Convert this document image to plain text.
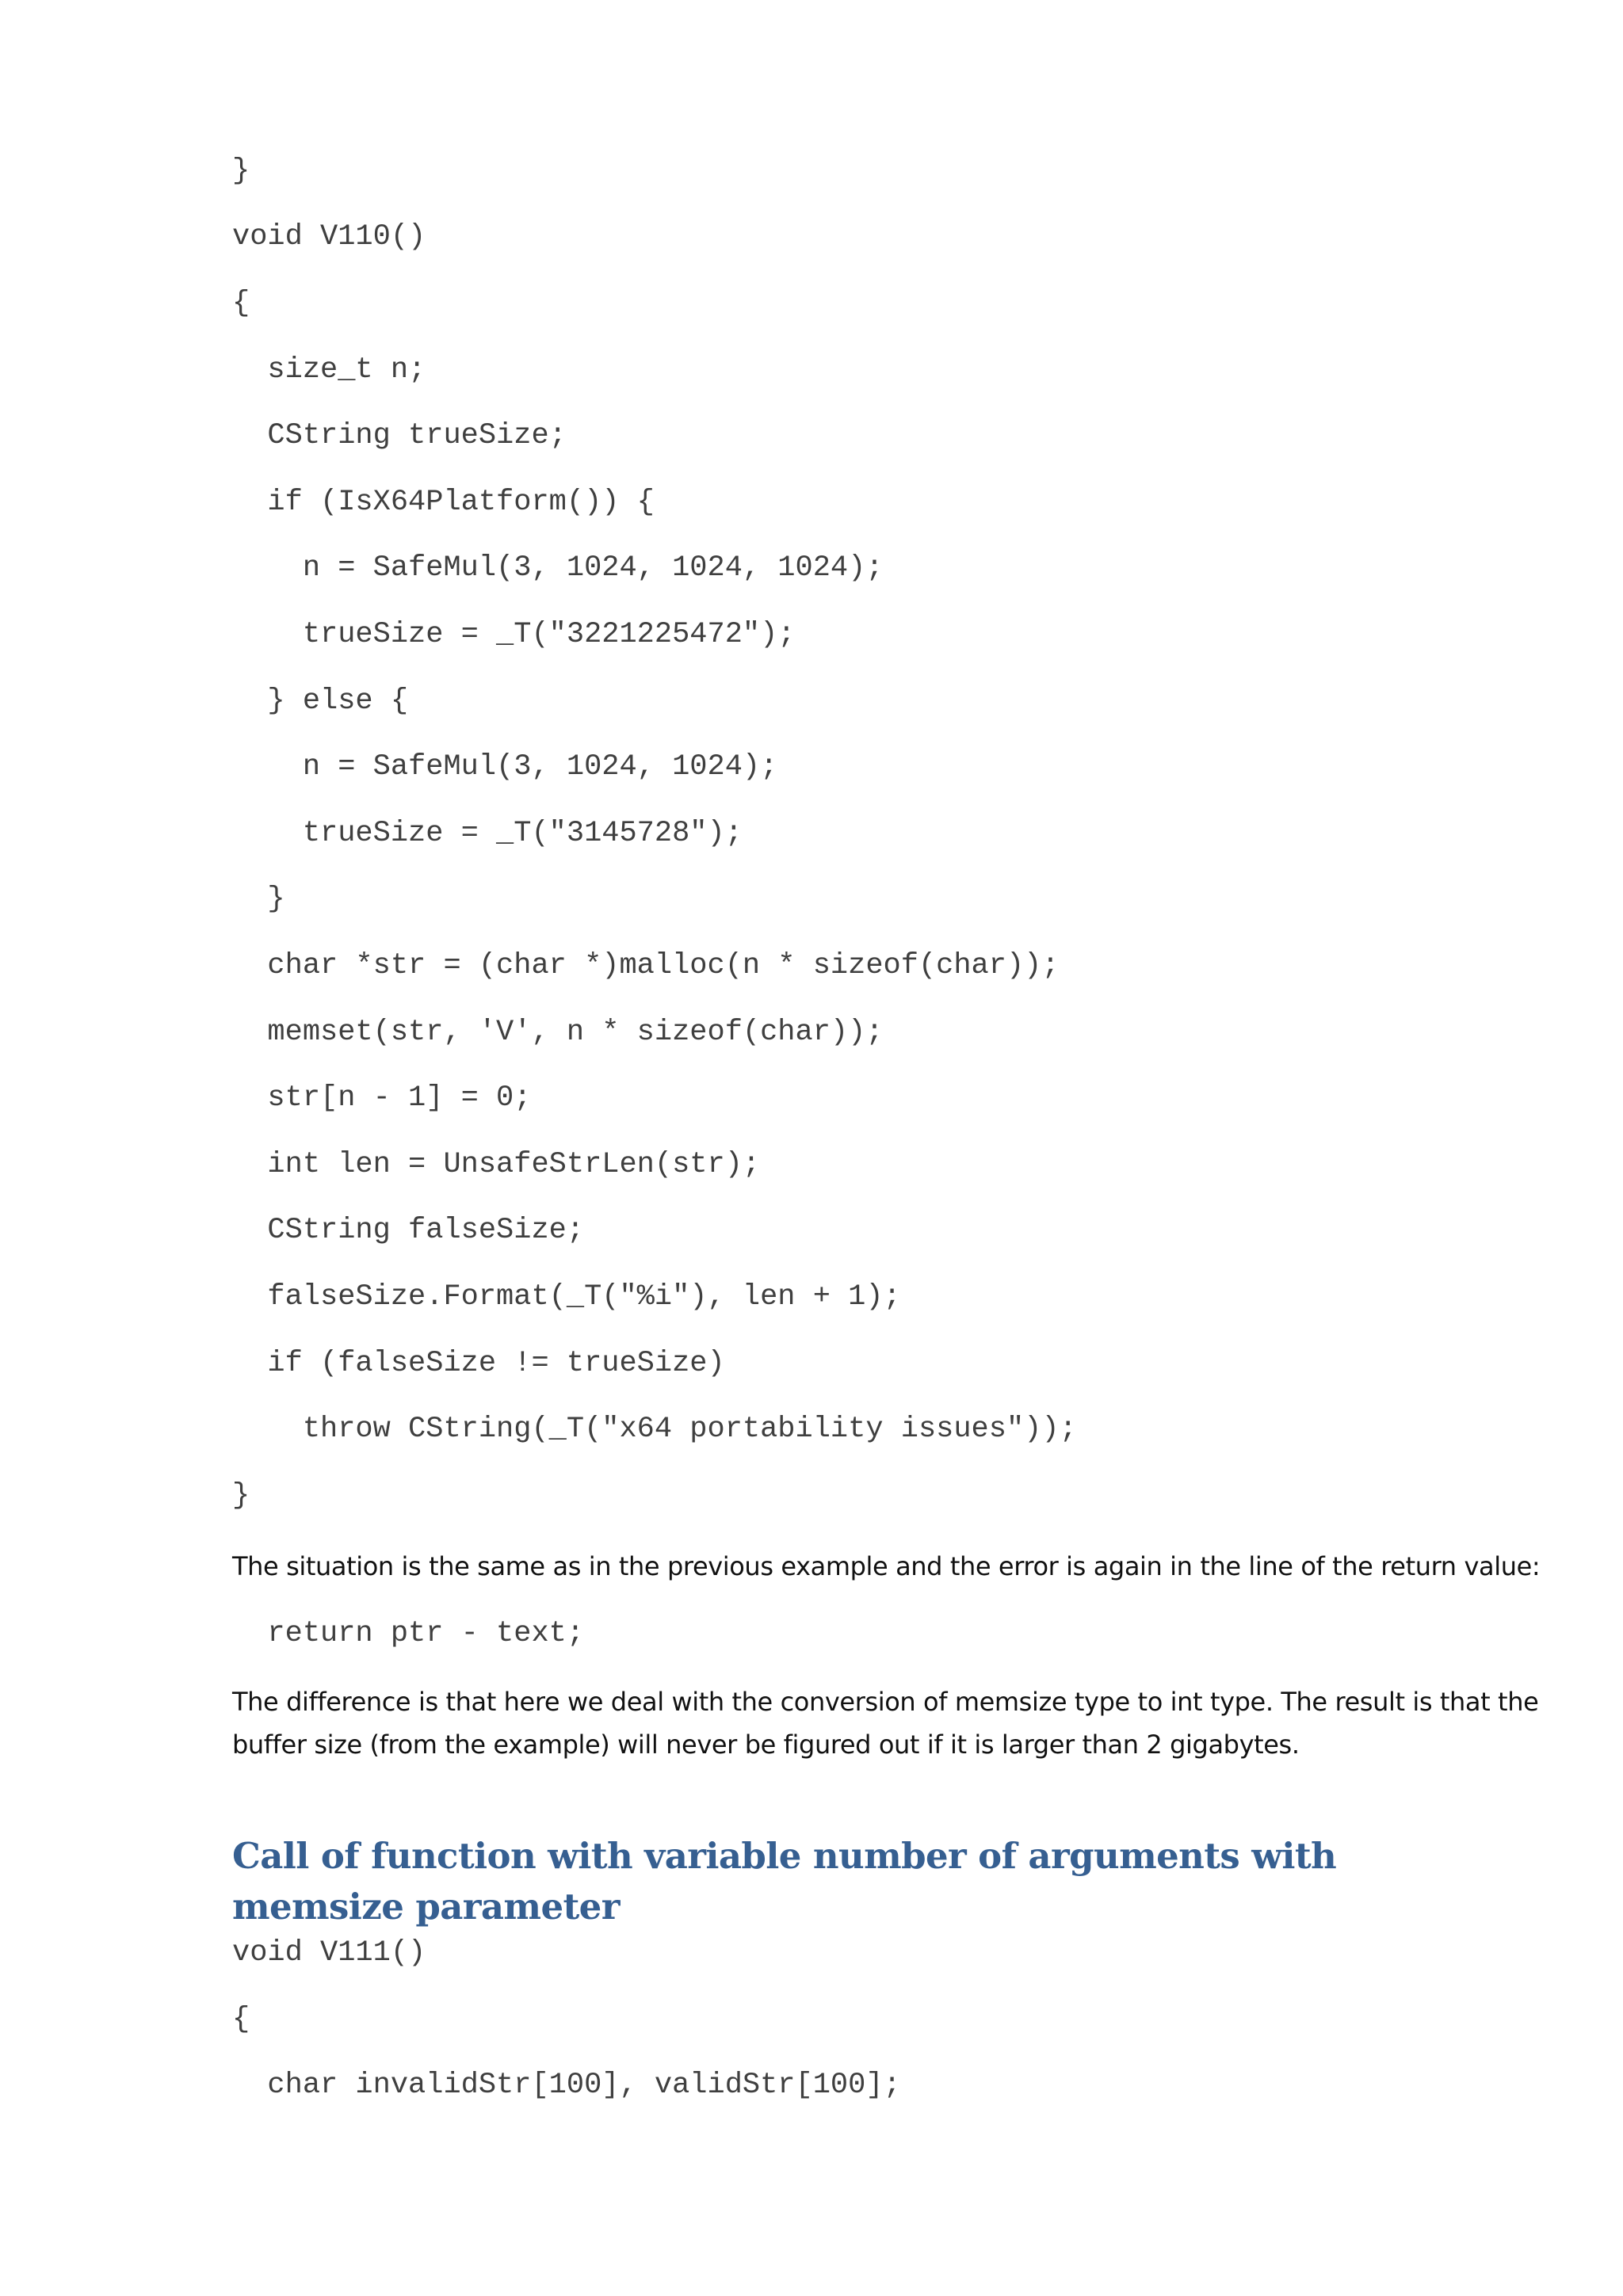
}
void V110()
{
size_t n;
CString trueSize;
if (IsX64Platform()) {
n = SafeMul(3, 1024, 1024, 1024);
trueSize = _T("3221225472");
} else {
n = SafeMul(3, 1024, 1024);
trueSize = _T("3145728");
}
char *str = (char *)malloc(n * sizeof(char));
memset(str, 'V', n * sizeof(char));
str[n - 1] = 0;
int len = UnsafeStrLen(str);
CString falseSize;
falseSize.Format(_T("%i"), len + 1);
if (falseSize != trueSize)
throw CString(_T("x64 portability issues"));
}

The situation is the same as in the previous example and the error is again in the line of the return value:

return ptr - text;

The difference is that here we deal with the conversion of memsize type to int type. The result is that the buffer size (from the example) will never be figured out if it is larger than 2 gigabytes.

Call of function with variable number of arguments with memsize parameter
void V111()
{
char invalidStr[100], validStr[100];
